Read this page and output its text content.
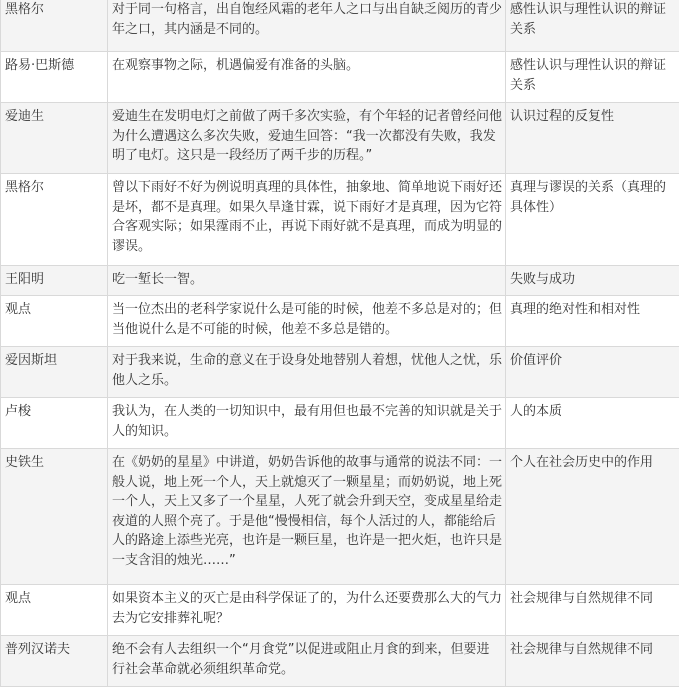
黑格尔	对于同一句格言，出自饱经风霜的老年人之口与出自缺乏阅历的青少年之口，其内涵是不同的。	感性认识与理性认识的辩证关系
路易·巴斯德	在观察事物之际，机遇偏爱有准备的头脑。	感性认识与理性认识的辩证关系
爱迪生	爱迪生在发明电灯之前做了两千多次实验，有个年轻的记者曾经问他为什么遭遇这么多次失败，爱迪生回答：“我一次都没有失败，我发明了电灯。这只是一段经历了两千步的历程。”	认识过程的反复性
黑格尔	曾以下雨好不好为例说明真理的具体性，抽象地、简单地说下雨好还是坏，都不是真理。如果久旱逢甘霖，说下雨好才是真理，因为它符合客观实际；如果霪雨不止，再说下雨好就不是真理，而成为明显的谬误。	真理与谬误的关系（真理的具体性）
王阳明	吃一堑长一智。	失败与成功
观点	当一位杰出的老科学家说什么是可能的时候，他差不多总是对的；但当他说什么是不可能的时候，他差不多总是错的。	真理的绝对性和相对性
爱因斯坦	对于我来说，生命的意义在于设身处地替别人着想，忧他人之忧，乐他人之乐。	价值评价
卢梭	我认为，在人类的一切知识中，最有用但也最不完善的知识就是关于人的知识。	人的本质
史铁生	在《奶奶的星星》中讲道，奶奶告诉他的故事与通常的说法不同：一般人说，地上死一个人，天上就熄灭了一颗星星；而奶奶说，地上死一个人，天上又多了一个星星，人死了就会升到天空，变成星星给走夜道的人照个亮了。于是他“慢慢相信，每个人活过的人，都能给后人的路途上添些光亮，也许是一颗巨星，也许是一把火炬，也许只是一支含泪的烛光……”	个人在社会历史中的作用
观点	如果资本主义的灭亡是由科学保证了的，为什么还要费那么大的气力去为它安排葬礼呢？	社会规律与自然规律不同
普列汉诺夫	绝不会有人去组织一个“月食党”以促进或阻止月食的到来，但要进行社会革命就必须组织革命党。	社会规律与自然规律不同
